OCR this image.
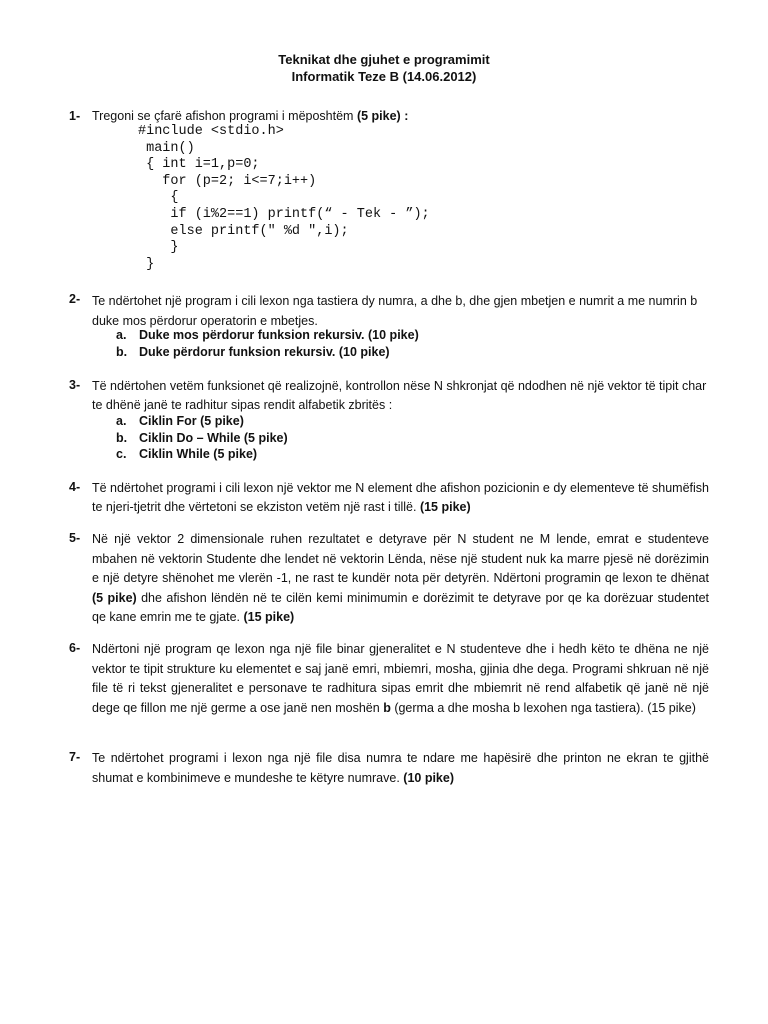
Teknikat dhe gjuhet e programimit
Informatik Teze B (14.06.2012)
1- Tregoni se çfarë afishon programi i mëposhtëm (5 pike) :
#include <stdio.h>
main()
{ int i=1,p=0;
for (p=2; i<=7;i++)
{
if (i%2==1) printf(“ - Tek - ”);
else printf(" %d ",i);
}
}
2- Te ndërtohet një program i cili lexon nga tastiera dy numra, a dhe b, dhe gjen mbetjen e numrit a me numrin b duke mos përdorur operatorin e mbetjes.
a. Duke mos përdorur funksion rekursiv. (10 pike)
b. Duke përdorur funksion rekursiv. (10 pike)
3- Të ndërtohen vetëm funksionet që realizojnë, kontrollon nëse N shkronjat që ndodhen në një vektor të tipit char te dhënë janë te radhitur sipas rendit alfabetik zbritës :
a. Ciklin For (5 pike)
b. Ciklin Do – While (5 pike)
c. Ciklin While (5 pike)
4- Të ndërtohet programi i cili lexon një vektor me N element dhe afishon pozicionin e dy elementeve të shumëfish te njeri-tjetrit dhe vërtetoni se ekziston vetëm një rast i tillë. (15 pike)
5- Në një vektor 2 dimensionale ruhen rezultatet e detyrave për N student ne M lende, emrat e studenteve mbahen në vektorin Studente dhe lendet në vektorin Lënda, nëse një student nuk ka marre pjesë në dorëzimin e një detyre shënohet me vlerën -1, ne rast te kundër nota për detyrën. Ndërtoni programin qe lexon te dhënat (5 pike) dhe afishon lëndën në te cilën kemi minimumin e dorëzimit te detyrave por qe ka dorëzuar studentet qe kane emrin me te gjate. (15 pike)
6- Ndërtoni një program qe lexon nga një file binar gjeneralitet e N studenteve dhe i hedh këto te dhëna ne një vektor te tipit strukture ku elementet e saj janë emri, mbiemri, mosha, gjinia dhe dega. Programi shkruan në një file të ri tekst gjeneralitet e personave te radhitura sipas emrit dhe mbiemrit në rend alfabetik që janë në një dege qe fillon me një germe a ose janë nen moshën b (germa a dhe mosha b lexohen nga tastiera). (15 pike)
7- Te ndërtohet programi i lexon nga një file disa numra te ndare me hapësirë dhe printon ne ekran te gjithë shumat e kombinimeve e mundeshe te këtyre numrave. (10 pike)
